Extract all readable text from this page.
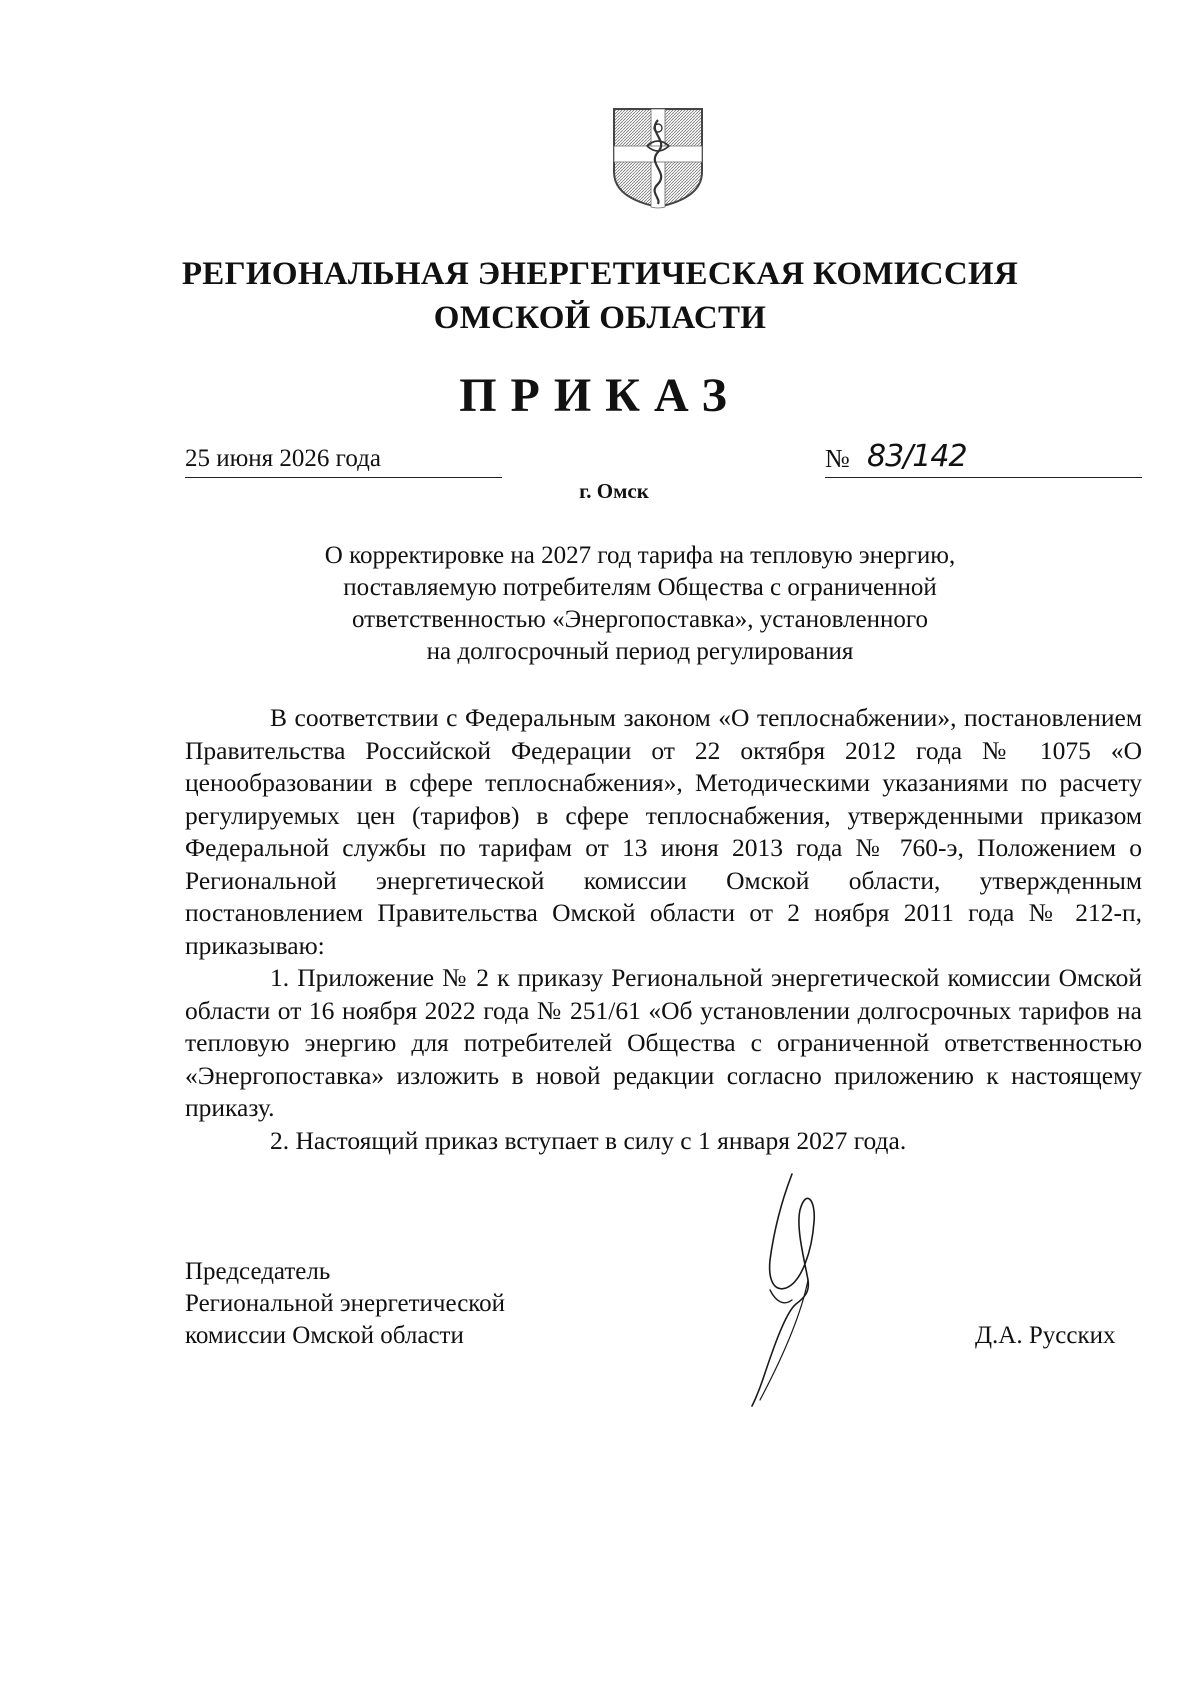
РЕГИОНАЛЬНАЯ ЭНЕРГЕТИЧЕСКАЯ КОМИССИЯ
ОМСКОЙ ОБЛАСТИ
ПРИКАЗ
25 июня 2026 года	№ 83/142
г. Омск
О корректировке на 2027 год тарифа на тепловую энергию,
поставляемую потребителям Общества с ограниченной
ответственностью «Энергопоставка», установленного
на долгосрочный период регулирования

В соответствии с Федеральным законом «О теплоснабжении», постановлением Правительства Российской Федерации от 22 октября 2012 года № 1075 «О ценообразовании в сфере теплоснабжения», Методическими указаниями по расчету регулируемых цен (тарифов) в сфере теплоснабжения, утвержденными приказом Федеральной службы по тарифам от 13 июня 2013 года № 760-э, Положением о Региональной энергетической комиссии Омской области, утвержденным постановлением Правительства Омской области от 2 ноября 2011 года № 212-п, приказываю:

1. Приложение № 2 к приказу Региональной энергетической комиссии Омской области от 16 ноября 2022 года № 251/61 «Об установлении долгосрочных тарифов на тепловую энергию для потребителей Общества с ограниченной ответственностью «Энергопоставка» изложить в новой редакции согласно приложению к настоящему приказу.

2. Настоящий приказ вступает в силу с 1 января 2027 года.

Председатель
Региональной энергетической
комиссии Омской области	Д.А. Русских
